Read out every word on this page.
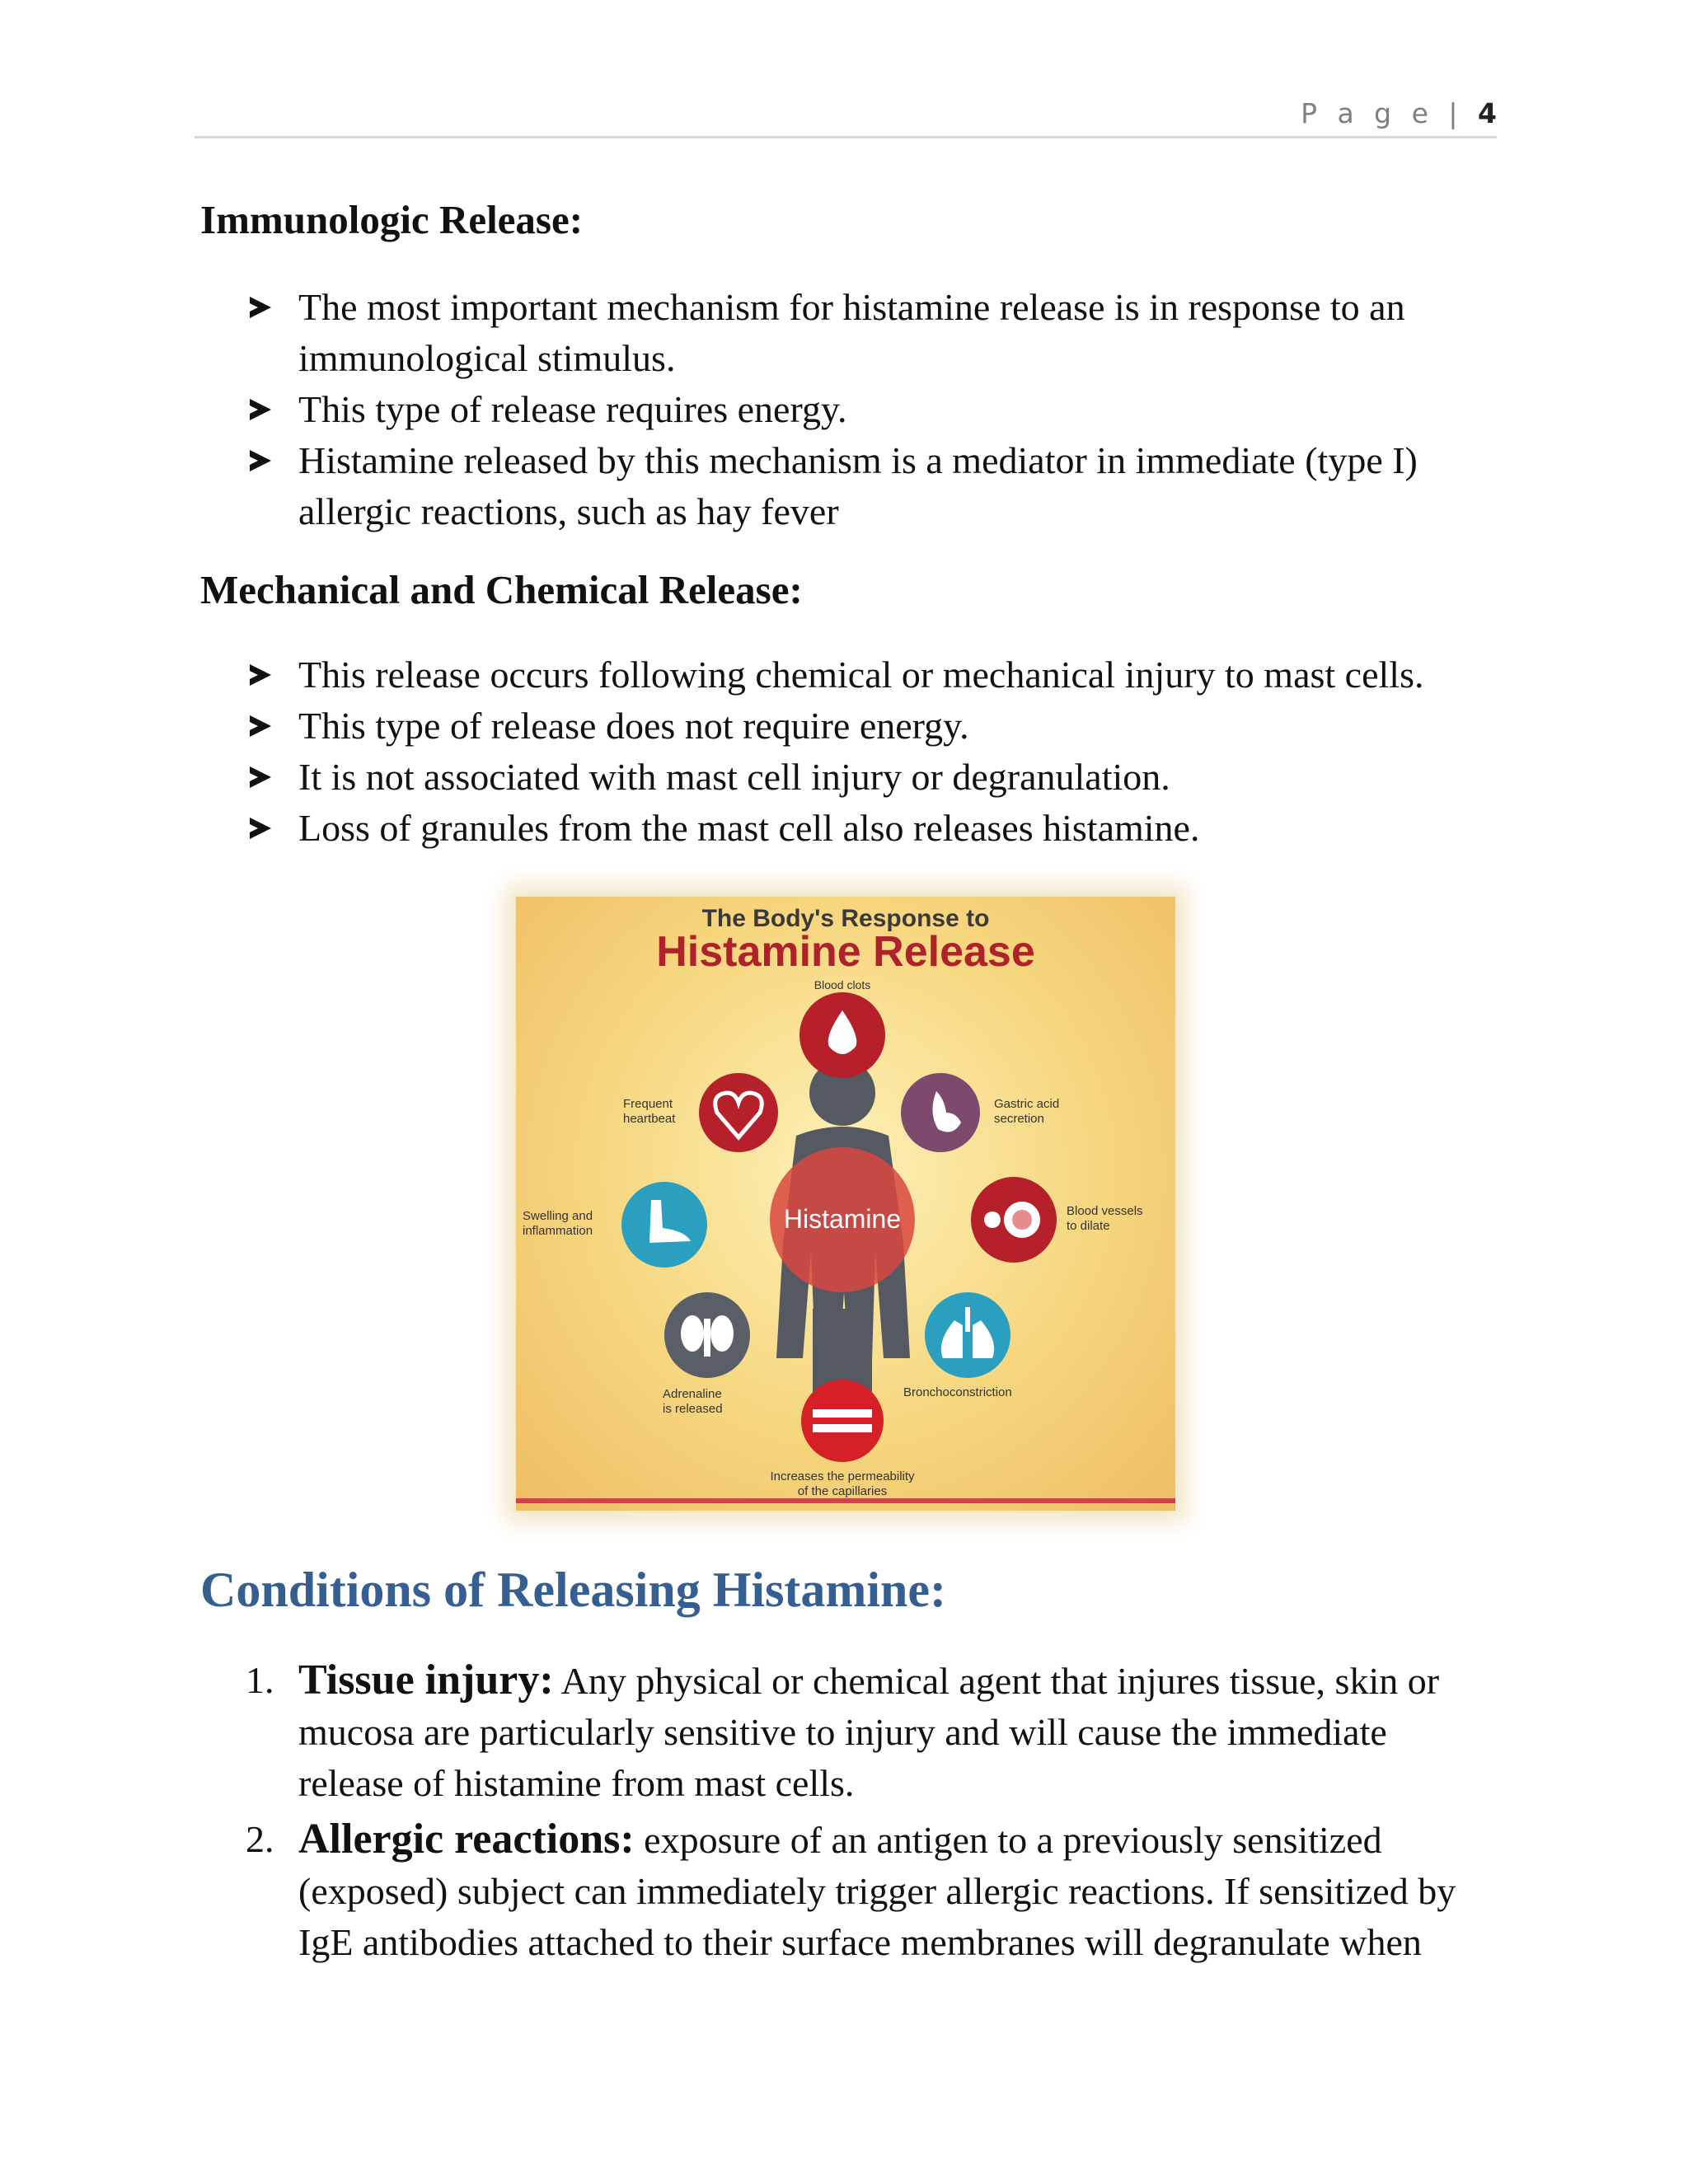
P a g e | 4
Immunologic Release:
The most important mechanism for histamine release is in response to an immunological stimulus.
This type of release requires energy.
Histamine released by this mechanism is a mediator in immediate (type I) allergic reactions, such as hay fever
Mechanical and Chemical Release:
This release occurs following chemical or mechanical injury to mast cells.
This type of release does not require energy.
It is not associated with mast cell injury or degranulation.
Loss of granules from the mast cell also releases histamine.
The Body's Response to
Histamine Release
Blood clots
Histamine
Frequent
heartbeat
Gastric acid
secretion
Swelling and
inflammation
Blood vessels
to dilate
Adrenaline
is released
Bronchoconstriction
Increases the permeability
of the capillaries
Conditions of Releasing Histamine:
1. Tissue injury: Any physical or chemical agent that injures tissue, skin or mucosa are particularly sensitive to injury and will cause the immediate release of histamine from mast cells.
2. Allergic reactions: exposure of an antigen to a previously sensitized (exposed) subject can immediately trigger allergic reactions. If sensitized by IgE antibodies attached to their surface membranes will degranulate when
